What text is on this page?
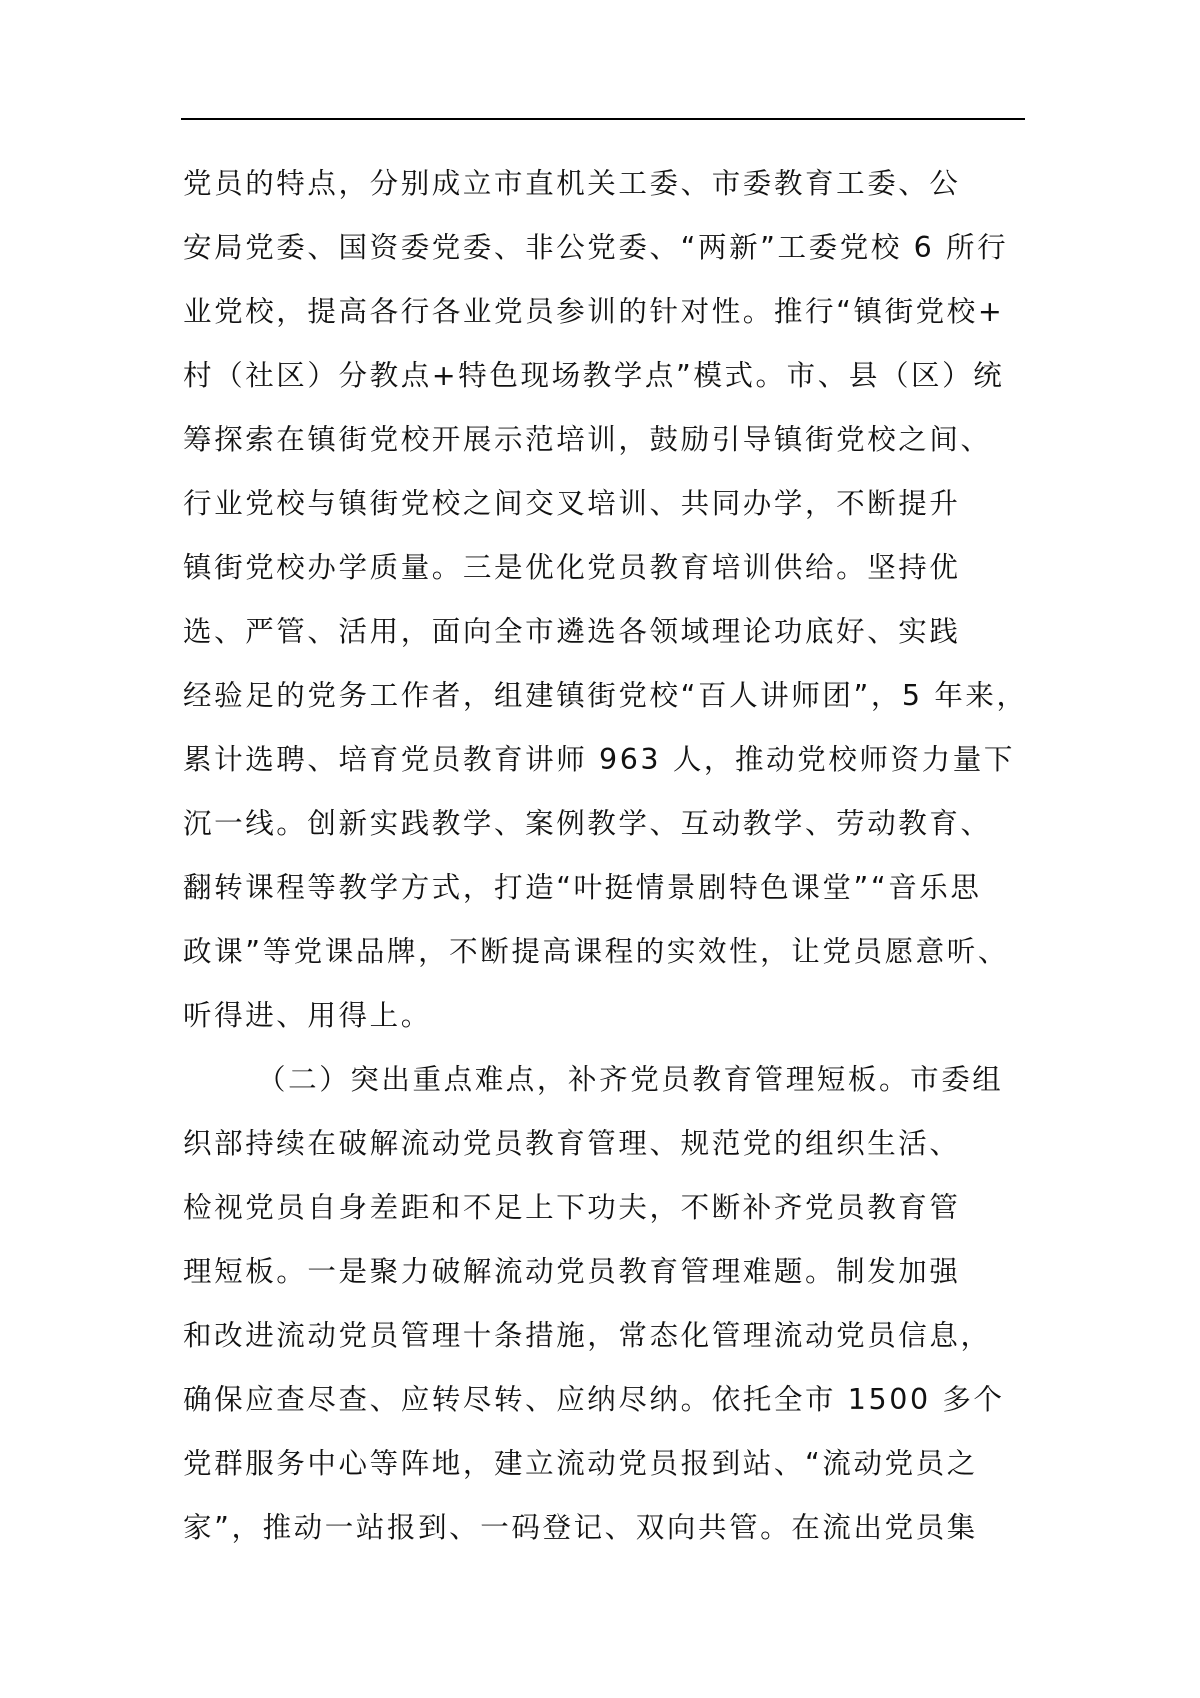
党员的特点，分别成立市直机关工委、市委教育工委、公
安局党委、国资委党委、非公党委、“两新”工委党校 6 所行
业党校，提高各行各业党员参训的针对性。推行“镇街党校+
村（社区）分教点+特色现场教学点”模式。市、县（区）统
筹探索在镇街党校开展示范培训，鼓励引导镇街党校之间、
行业党校与镇街党校之间交叉培训、共同办学，不断提升
镇街党校办学质量。三是优化党员教育培训供给。坚持优
选、严管、活用，面向全市遴选各领域理论功底好、实践
经验足的党务工作者，组建镇街党校“百人讲师团”，5 年来，
累计选聘、培育党员教育讲师 963 人，推动党校师资力量下
沉一线。创新实践教学、案例教学、互动教学、劳动教育、
翻转课程等教学方式，打造“叶挺情景剧特色课堂”“音乐思
政课”等党课品牌，不断提高课程的实效性，让党员愿意听、
听得进、用得上。
（二）突出重点难点，补齐党员教育管理短板。市委组
织部持续在破解流动党员教育管理、规范党的组织生活、
检视党员自身差距和不足上下功夫，不断补齐党员教育管
理短板。一是聚力破解流动党员教育管理难题。制发加强
和改进流动党员管理十条措施，常态化管理流动党员信息，
确保应查尽查、应转尽转、应纳尽纳。依托全市 1500 多个
党群服务中心等阵地，建立流动党员报到站、“流动党员之
家”，推动一站报到、一码登记、双向共管。在流出党员集
